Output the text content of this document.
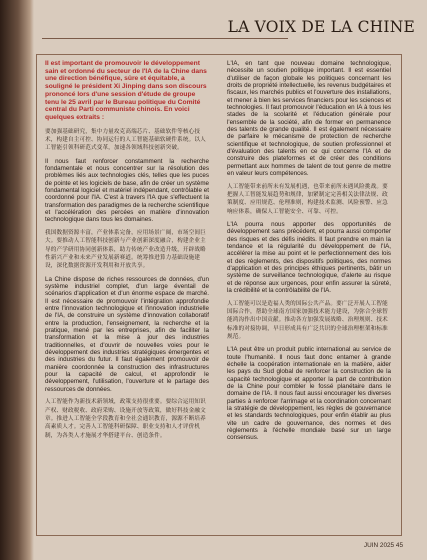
LA VOIX DE LA CHINE

Il est important de promouvoir le développement sain et ordonné du secteur de l'IA de la Chine dans une direction bénéfique, sûre et équitable, a souligné le président Xi Jinping dans son discours prononcé lors d'une session d'étude de groupe tenu le 25 avril par le Bureau politique du Comité central du Parti communiste chinois. En voici quelques extraits :

要加强基础研究，集中力量攻克高端芯片、基础软件等核心技术，构建自主可控、协同运行的人工智能基础软硬件系统。以人工智能引领科研范式变革，加速各领域科技创新突破。

Il nous faut renforcer constamment la recherche fondamentale et nous concentrer sur la résolution des problèmes liés aux technologies clés, telles que les puces de pointe et les logiciels de base, afin de créer un système fondamental logiciel et matériel indépendant, contrôlable et coordonné pour l'IA. C'est à travers l'IA que s'effectuent la transformation des paradigmes de la recherche scientifique et l'accélération des percées en matière d'innovation technologique dans tous les domaines.

我国数据资源丰富，产业体系完备，应用场景广阔，市场空间巨大。要推动人工智能科技创新与产业创新深度融合，构建企业主导的产学研用协同创新体系，助力传统产业改造升级，开辟战略性新兴产业和未来产业发展新赛道。统筹推进算力基础设施建设，深化数据资源开发利用和开放共享。

La Chine dispose de riches ressources de données, d'un système industriel complet, d'un large éventail de scénarios d'application et d'un énorme espace de marché. Il est nécessaire de promouvoir l'intégration approfondie entre l'innovation technologique et l'innovation industrielle de l'IA, de construire un système d'innovation collaboratif entre la production, l'enseignement, la recherche et la pratique, mené par les entreprises, afin de faciliter la transformation et la mise à jour des industries traditionnelles, et d'ouvrir de nouvelles voies pour le développement des industries stratégiques émergentes et des industries du futur. Il faut également promouvoir de manière coordonnée la construction des infrastructures pour la capacité de calcul, et approfondir le développement, l'utilisation, l'ouverture et le partage des ressources de données.

人工智能作为新技术新领域，政策支持很重要。要综合运用知识产权、财政税收、政府采购、设施开放等政策，做好科技金融文章。推进人工智能全学段教育和全社会通识教育，源源不断培养高素质人才。完善人工智能科研保障、职业支持和人才评价机制，为各类人才施展才华搭建平台、创造条件。

L'IA, en tant que nouveau domaine technologique, nécessite un soutien politique important. Il est essentiel d'utiliser de façon globale les politiques concernant les droits de propriété intellectuelle, les revenus budgétaires et fiscaux, les marchés publics et l'ouverture des installations, et mener à bien les services financiers pour les sciences et technologies. Il faut promouvoir l'éducation en IA à tous les stades de la scolarité et l'éducation générale pour l'ensemble de la société, afin de former en permanence des talents de grande qualité. Il est également nécessaire de parfaire le mécanisme de protection de recherche scientifique et technologique, de soutien professionnel et d'évaluation des talents en ce qui concerne l'IA et de construire des plateformes et de créer des conditions permettant aux hommes de talent de tout genre de mettre en valeur leurs compétences.

人工智能带来前所未有发展机遇，也带来前所未遇风险挑战。要把握人工智能发展趋势和规律，加紧制定完善相关法律法规、政策制度、应用规范、伦理准则，构建技术监测、风险预警、应急响应体系，确保人工智能安全、可靠、可控。

L'IA pourra nous apporter des opportunités de développement sans précédent, et pourra aussi comporter des risques et des défis inédits. Il faut prendre en main la tendance et la régularité du développement de l'IA, accélérer la mise au point et le perfectionnement des lois et des règlements, des dispositifs politiques, des normes d'application et des principes éthiques pertinents, bâtir un système de surveillance technologique, d'alerte au risque et de réponse aux urgences, pour enfin assurer la sûreté, la crédibilité et la contrôlabilité de l'IA.

人工智能可以是造福人类的国际公共产品。要广泛开展人工智能国际合作，帮助全球南方国家加强技术能力建设，为弥合全球智能鸿沟作出中国贡献。推动各方加强发展战略、治理规则、技术标准的对接协调，早日形成具有广泛共识的全球治理框架和标准规范。

L'IA peut être un produit public international au service de toute l'humanité. Il nous faut donc entamer à grande échelle la coopération internationale en la matière, aider les pays du Sud global de renforcer la construction de la capacité technologique et apporter la part de contribution de la Chine pour combler le fossé planétaire dans le domaine de l'IA. Il nous faut aussi encourager les diverses parties à renforcer l'arrimage et la coordination concernant la stratégie de développement, les règles de gouvernance et les standards technologiques, pour enfin établir au plus vite un cadre de gouvernance, des normes et des règlements à l'échelle mondiale basé sur un large consensus.

JUIN 2025 45
